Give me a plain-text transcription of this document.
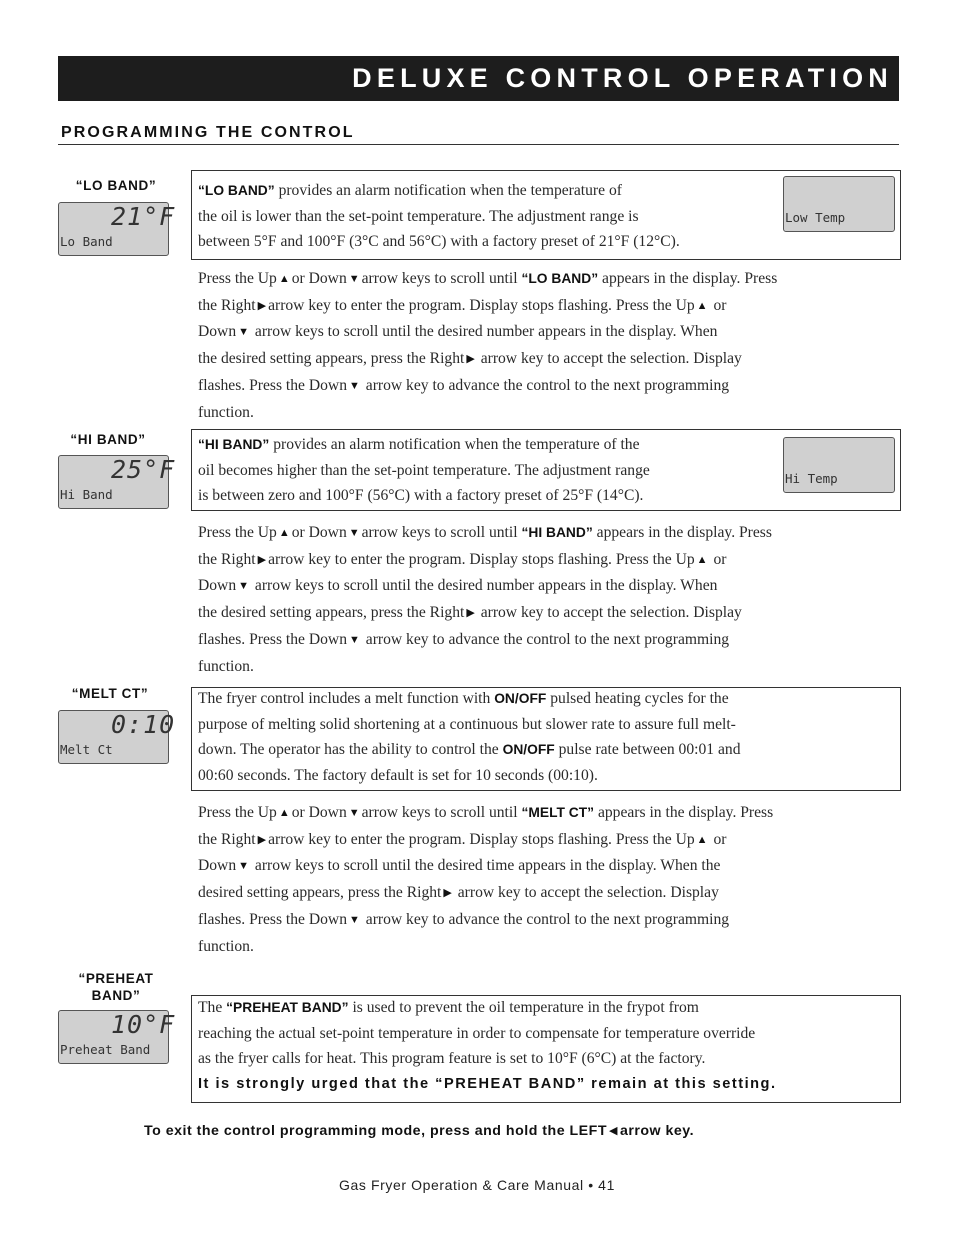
DELUXE CONTROL OPERATION
PROGRAMMING THE CONTROL
“LO BAND”
21°F
Lo Band
“LO BAND” provides an alarm notification when the temperature of
the oil is lower than the set-point temperature. The adjustment range is
between 5°F and 100°F (3°C and 56°C) with a factory preset of 21°F (12°C).
Low Temp
Press the Up ▲ or Down ▼ arrow keys to scroll until “LO BAND” appears in the display. Press
the Right ▶ arrow key to enter the program. Display stops flashing. Press the Up ▲ or
Down ▼ arrow keys to scroll until the desired number appears in the display. When
the desired setting appears, press the Right ▶ arrow key to accept the selection. Display
flashes. Press the Down ▼ arrow key to advance the control to the next programming
function.
“HI BAND”
25°F
Hi Band
“HI BAND” provides an alarm notification when the temperature of the
oil becomes higher than the set-point temperature. The adjustment range
is between zero and 100°F (56°C) with a factory preset of 25°F (14°C).
Hi Temp
Press the Up ▲ or Down ▼ arrow keys to scroll until “HI BAND” appears in the display. Press
the Right ▶ arrow key to enter the program. Display stops flashing. Press the Up ▲ or
Down ▼ arrow keys to scroll until the desired number appears in the display. When
the desired setting appears, press the Right ▶ arrow key to accept the selection. Display
flashes. Press the Down ▼ arrow key to advance the control to the next programming
function.
“MELT CT”
0:10
Melt Ct
The fryer control includes a melt function with ON/OFF pulsed heating cycles for the
purpose of melting solid shortening at a continuous but slower rate to assure full melt-
down. The operator has the ability to control the ON/OFF pulse rate between 00:01 and
00:60 seconds. The factory default is set for 10 seconds (00:10).
Press the Up ▲ or Down ▼ arrow keys to scroll until “MELT CT” appears in the display. Press
the Right ▶ arrow key to enter the program. Display stops flashing. Press the Up ▲ or
Down ▼ arrow keys to scroll until the desired time appears in the display. When the
desired setting appears, press the Right ▶ arrow key to accept the selection. Display
flashes. Press the Down ▼ arrow key to advance the control to the next programming
function.
“PREHEAT
BAND”
10°F
Preheat Band
The “PREHEAT BAND” is used to prevent the oil temperature in the frypot from
reaching the actual set-point temperature in order to compensate for temperature override
as the fryer calls for heat. This program feature is set to 10°F (6°C) at the factory.
It is strongly urged that the “PREHEAT BAND” remain at this setting.
To exit the control programming mode, press and hold the LEFT ◀ arrow key.
Gas Fryer Operation & Care Manual • 41
